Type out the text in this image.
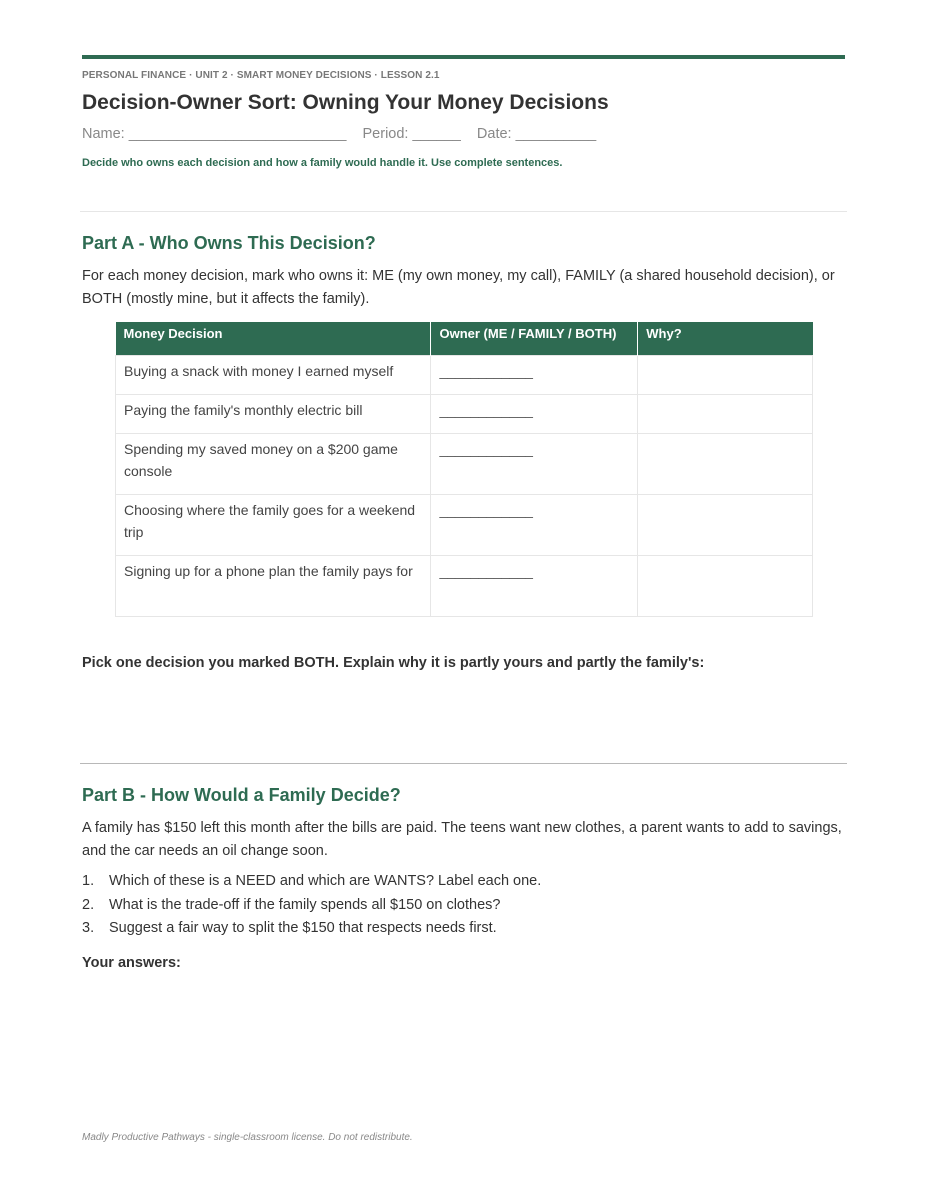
PERSONAL FINANCE · UNIT 2 · SMART MONEY DECISIONS · LESSON 2.1
Decision-Owner Sort: Owning Your Money Decisions
Name: ___________________________ Period: ______ Date: __________
Decide who owns each decision and how a family would handle it. Use complete sentences.
Part A - Who Owns This Decision?
For each money decision, mark who owns it: ME (my own money, my call), FAMILY (a shared household decision), or BOTH (mostly mine, but it affects the family).
Money Decision	Owner (ME / FAMILY / BOTH)	Why?
Buying a snack with money I earned myself	____________	
Paying the family's monthly electric bill	____________	
Spending my saved money on a $200 game console	____________	
Choosing where the family goes for a weekend trip	____________	
Signing up for a phone plan the family pays for	____________	
Pick one decision you marked BOTH. Explain why it is partly yours and partly the family's:
Part B - How Would a Family Decide?
A family has $150 left this month after the bills are paid. The teens want new clothes, a parent wants to add to savings, and the car needs an oil change soon.
1.	Which of these is a NEED and which are WANTS? Label each one.
2.	What is the trade-off if the family spends all $150 on clothes?
3.	Suggest a fair way to split the $150 that respects needs first.
Your answers:
Madly Productive Pathways - single-classroom license. Do not redistribute.
